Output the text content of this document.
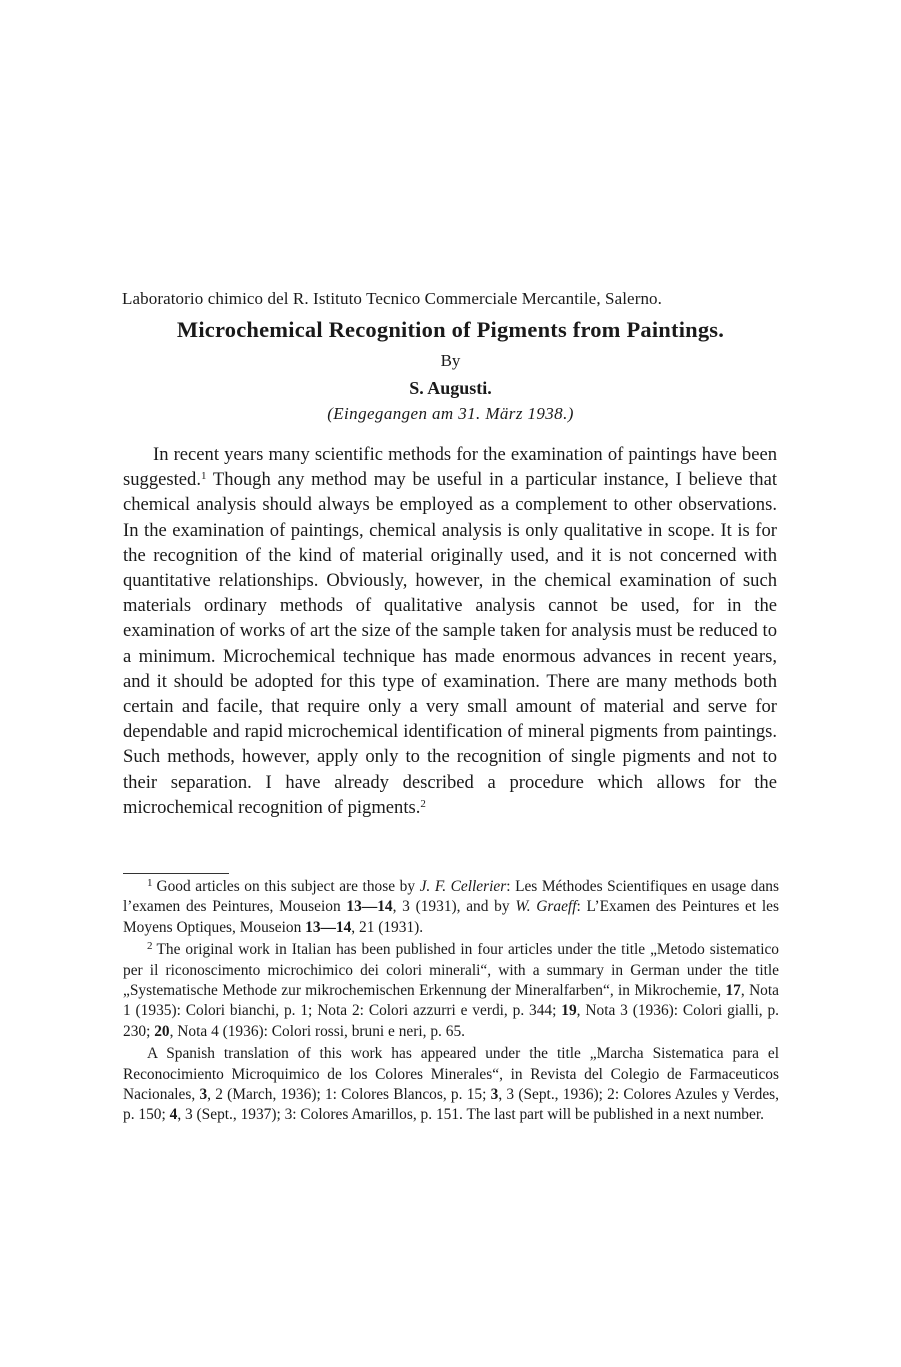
Laboratorio chimico del R. Istituto Tecnico Commerciale Mercantile, Salerno.
Microchemical Recognition of Pigments from Paintings.
By
S. Augusti.
(Eingegangen am 31. März 1938.)

In recent years many scientific methods for the examination of paintings have been suggested.$^1$ Though any method may be useful in a particular instance, I believe that chemical analysis should always be employed as a complement to other observations. In the examination of paintings, chemical analysis is only qualitative in scope. It is for the recognition of the kind of material originally used, and it is not concerned with quantitative relationships. Obviously, however, in the chemical examination of such materials ordinary methods of qualitative analysis cannot be used, for in the examination of works of art the size of the sample taken for analysis must be reduced to a minimum. Microchemical technique has made enormous advances in recent years, and it should be adopted for this type of examination. There are many methods both certain and facile, that require only a very small amount of material and serve for dependable and rapid microchemical identification of mineral pigments from paintings. Such methods, however, apply only to the recognition of single pigments and not to their separation. I have already described a procedure which allows for the microchemical recognition of pigments.$^2$

$^1$ Good articles on this subject are those by J. F. Cellerier: Les Méthodes Scientifiques en usage dans l’examen des Peintures, Mouseion 13—14, 3 (1931), and by W. Graeff: L’Examen des Peintures et les Moyens Optiques, Mouseion 13—14, 21 (1931).

$^2$ The original work in Italian has been published in four articles under the title „Metodo sistematico per il riconoscimento microchimico dei colori minerali“, with a summary in German under the title „Systematische Methode zur mikrochemischen Erkennung der Mineralfarben“, in Mikrochemie, 17, Nota 1 (1935): Colori bianchi, p. 1; Nota 2: Colori azzurri e verdi, p. 344; 19, Nota 3 (1936): Colori gialli, p. 230; 20, Nota 4 (1936): Colori rossi, bruni e neri, p. 65.

A Spanish translation of this work has appeared under the title „Marcha Sistematica para el Reconocimiento Microquimico de los Colores Minerales“, in Revista del Colegio de Farmaceuticos Nacionales, 3, 2 (March, 1936); 1: Colores Blancos, p. 15; 3, 3 (Sept., 1936); 2: Colores Azules y Verdes, p. 150; 4, 3 (Sept., 1937); 3: Colores Amarillos, p. 151. The last part will be published in a next number.
